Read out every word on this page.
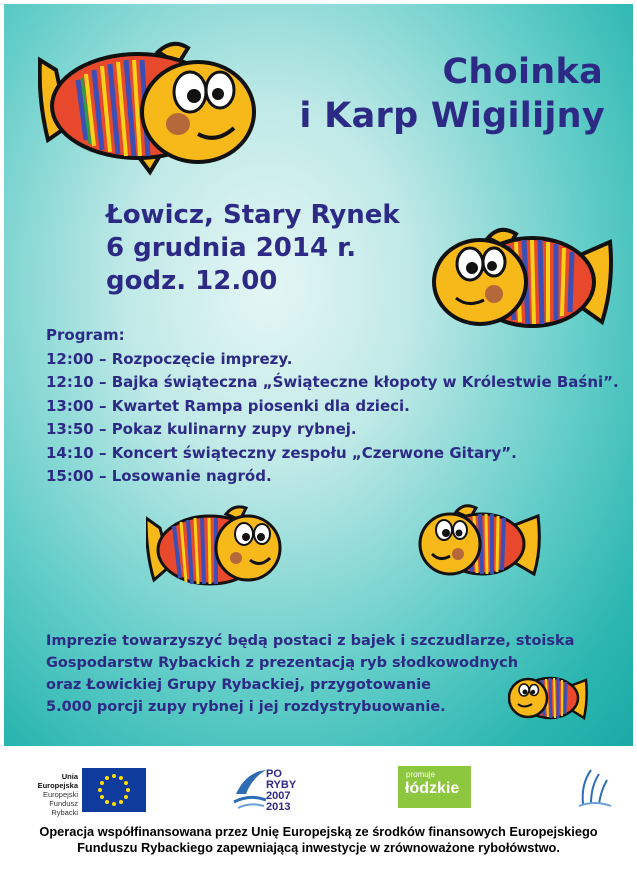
Choinka
i Karp Wigilijny
Łowicz, Stary Rynek
6 grudnia 2014 r.
godz. 12.00
Program:
12:00 – Rozpoczęcie imprezy.
12:10 – Bajka świąteczna „Świąteczne kłopoty w Królestwie Baśni”.
13:00 – Kwartet Rampa piosenki dla dzieci.
13:50 – Pokaz kulinarny zupy rybnej.
14:10 – Koncert świąteczny zespołu „Czerwone Gitary”.
15:00 – Losowanie nagród.
Imprezie towarzyszyć będą postaci z bajek i szczudlarze, stoiska
Gospodarstw Rybackich z prezentacją ryb słodkowodnych
oraz Łowickiej Grupy Rybackiej, przygotowanie
5.000 porcji zupy rybnej i jej rozdystrybuowanie.
Unia Europejska
Europejski
Fundusz
Rybacki
PO RYBY
2007
2013
promuje
łódzkie
Operacja współfinansowana przez Unię Europejską ze środków finansowych Europejskiego
Funduszu Rybackiego zapewniającą inwestycje w zrównoważone rybołówstwo.
